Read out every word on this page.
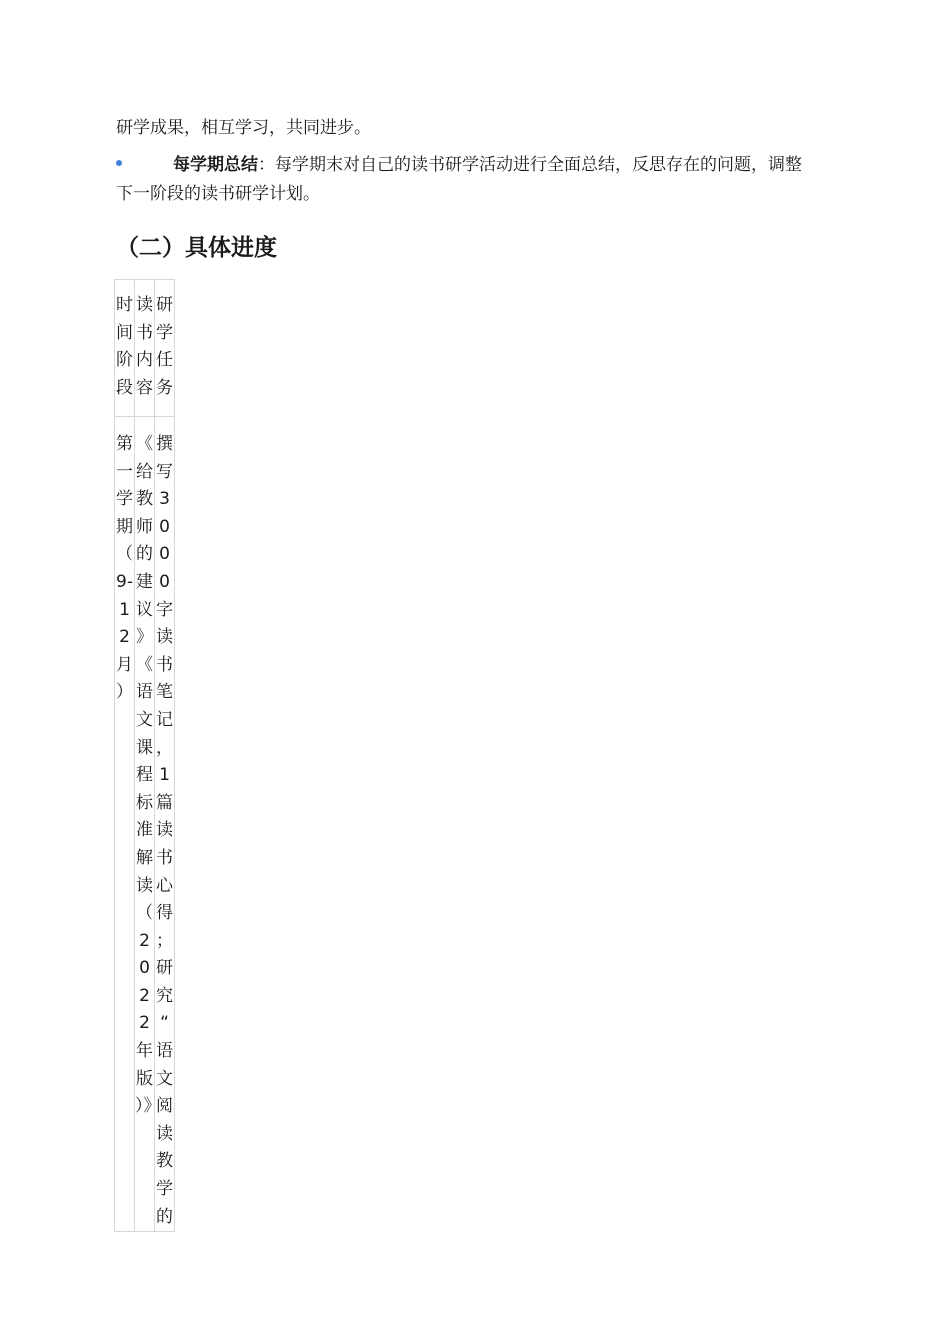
研学成果，相互学习，共同进步。
每学期总结：每学期末对自己的读书研学活动进行全面总结，反思存在的问题，调整
下一阶段的读书研学计划。
（二）具体进度
时间阶段	读书内容	研学任务
第一学期（9-12月）	《给教师的建议》《语文课程标准解读（2022年版）》	撰写3000字读书笔记，1篇读书心得；研究“语文阅读教学的
